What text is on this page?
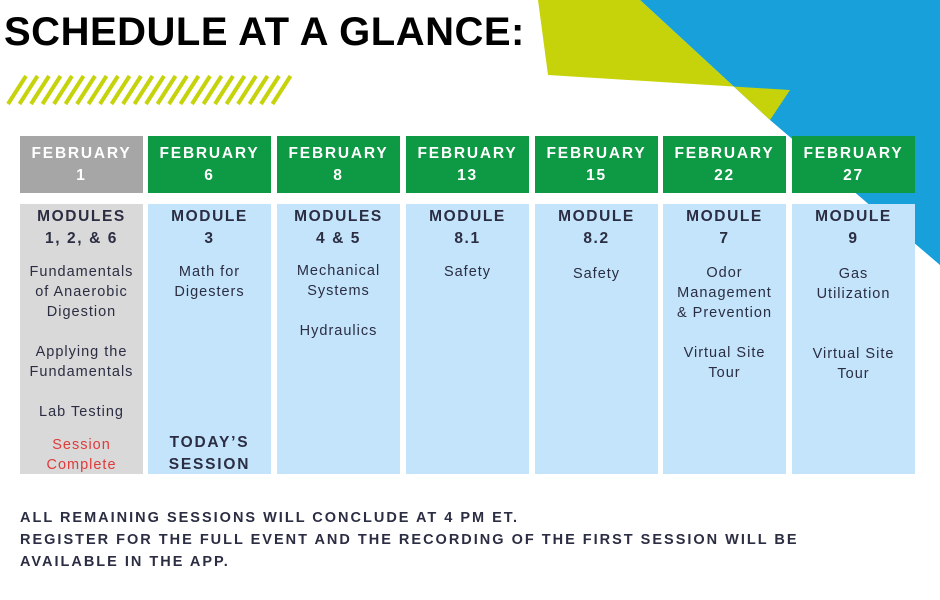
SCHEDULE AT A GLANCE:
FEBRUARY
1
MODULES
1, 2, & 6
Fundamentals
of Anaerobic
Digestion
Applying the
Fundamentals
Lab Testing
Session
Complete
FEBRUARY
6
MODULE
3
Math for
Digesters
TODAY’S
SESSION
FEBRUARY
8
MODULES
4 & 5
Mechanical
Systems
Hydraulics
FEBRUARY
13
MODULE
8.1
Safety
FEBRUARY
15
MODULE
8.2
Safety
FEBRUARY
22
MODULE
7
Odor
Management
& Prevention
Virtual Site
Tour
FEBRUARY
27
MODULE
9
Gas
Utilization
Virtual Site
Tour
ALL REMAINING SESSIONS WILL CONCLUDE AT 4 PM ET.
REGISTER FOR THE FULL EVENT AND THE RECORDING OF THE FIRST SESSION WILL BE
AVAILABLE IN THE APP.
